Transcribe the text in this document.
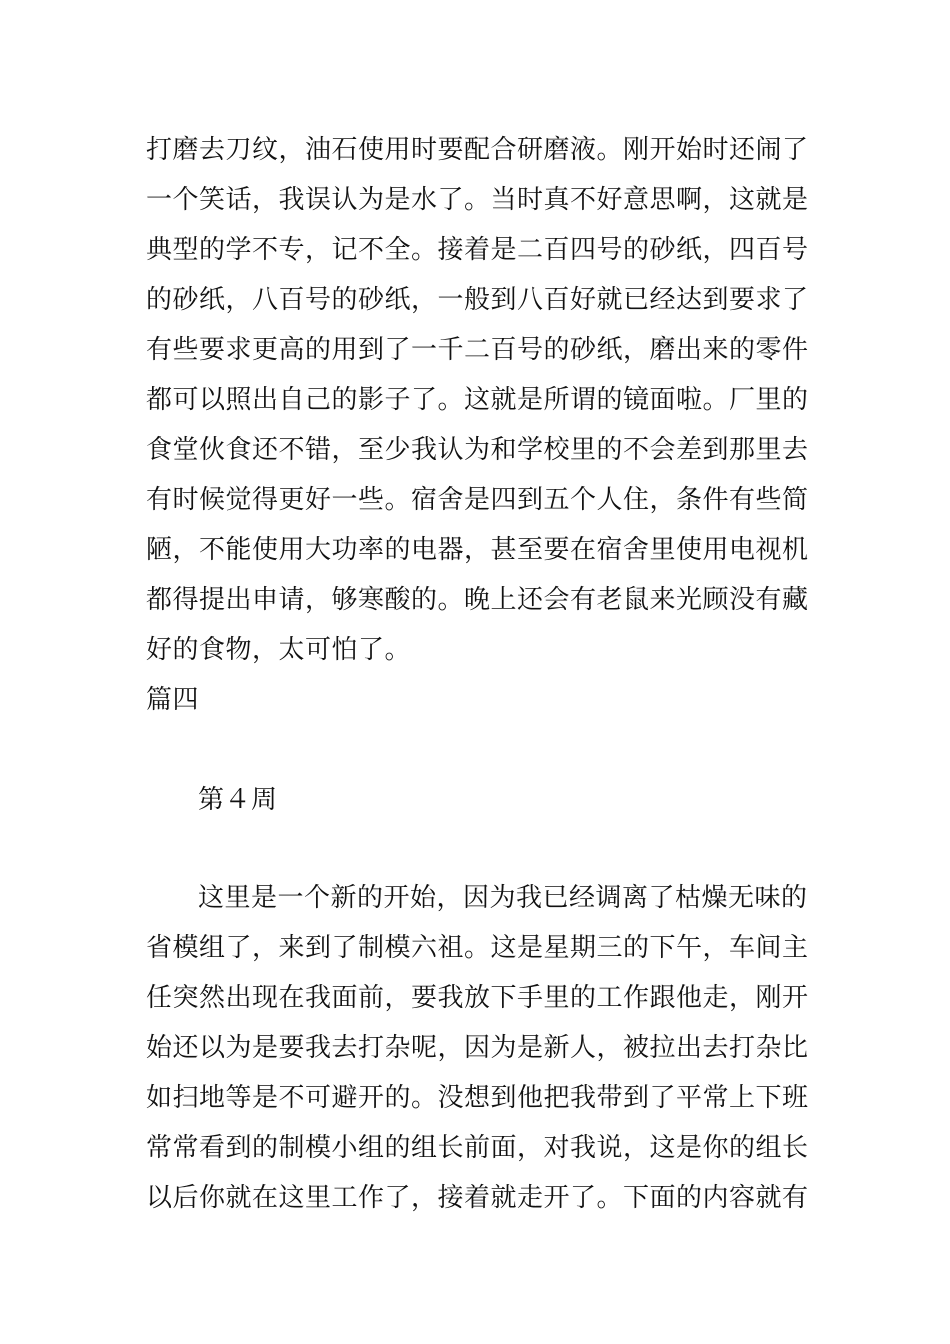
打磨去刀纹，油石使用时要配合研磨液。刚开始时还闹了
一个笑话，我误认为是水了。当时真不好意思啊，这就是
典型的学不专，记不全。接着是二百四号的砂纸，四百号
的砂纸，八百号的砂纸，一般到八百好就已经达到要求了
有些要求更高的用到了一千二百号的砂纸，磨出来的零件
都可以照出自己的影子了。这就是所谓的镜面啦。厂里的
食堂伙食还不错，至少我认为和学校里的不会差到那里去
有时候觉得更好一些。宿舍是四到五个人住，条件有些简
陋，不能使用大功率的电器，甚至要在宿舍里使用电视机
都得提出申请，够寒酸的。晚上还会有老鼠来光顾没有藏
好的食物，太可怕了。
篇四
第４周
这里是一个新的开始，因为我已经调离了枯燥无味的
省模组了，来到了制模六祖。这是星期三的下午，车间主
任突然出现在我面前，要我放下手里的工作跟他走，刚开
始还以为是要我去打杂呢，因为是新人，被拉出去打杂比
如扫地等是不可避开的。没想到他把我带到了平常上下班
常常看到的制模小组的组长前面，对我说，这是你的组长
以后你就在这里工作了，接着就走开了。下面的内容就有
